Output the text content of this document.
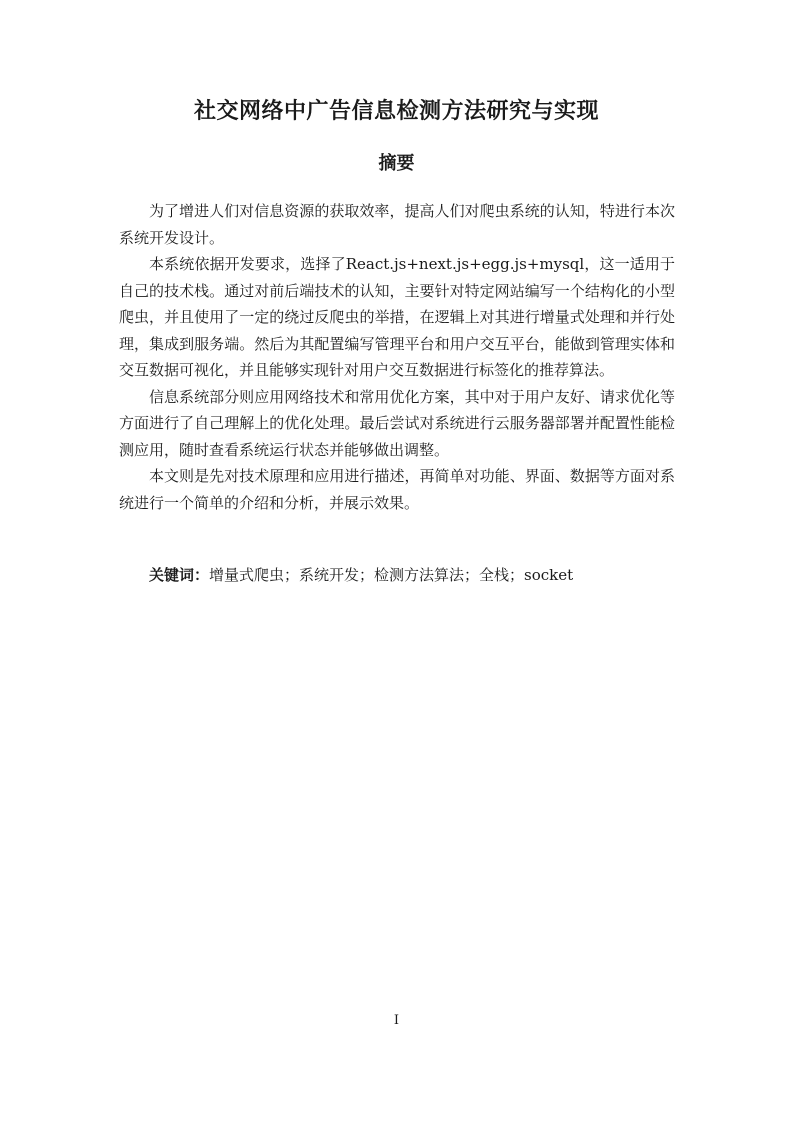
社交网络中广告信息检测方法研究与实现
摘要

为了增进人们对信息资源的获取效率，提高人们对爬虫系统的认知，特进行本次系统开发设计。

本系统依据开发要求，选择了React.js+next.js+egg.js+mysql，这一适用于自己的技术栈。通过对前后端技术的认知，主要针对特定网站编写一个结构化的小型爬虫，并且使用了一定的绕过反爬虫的举措，在逻辑上对其进行增量式处理和并行处理，集成到服务端。然后为其配置编写管理平台和用户交互平台，能做到管理实体和交互数据可视化，并且能够实现针对用户交互数据进行标签化的推荐算法。

信息系统部分则应用网络技术和常用优化方案，其中对于用户友好、请求优化等方面进行了自己理解上的优化处理。最后尝试对系统进行云服务器部署并配置性能检测应用，随时查看系统运行状态并能够做出调整。

本文则是先对技术原理和应用进行描述，再简单对功能、界面、数据等方面对系统进行一个简单的介绍和分析，并展示效果。

关键词：增量式爬虫；系统开发；检测方法算法；全栈；socket
I
